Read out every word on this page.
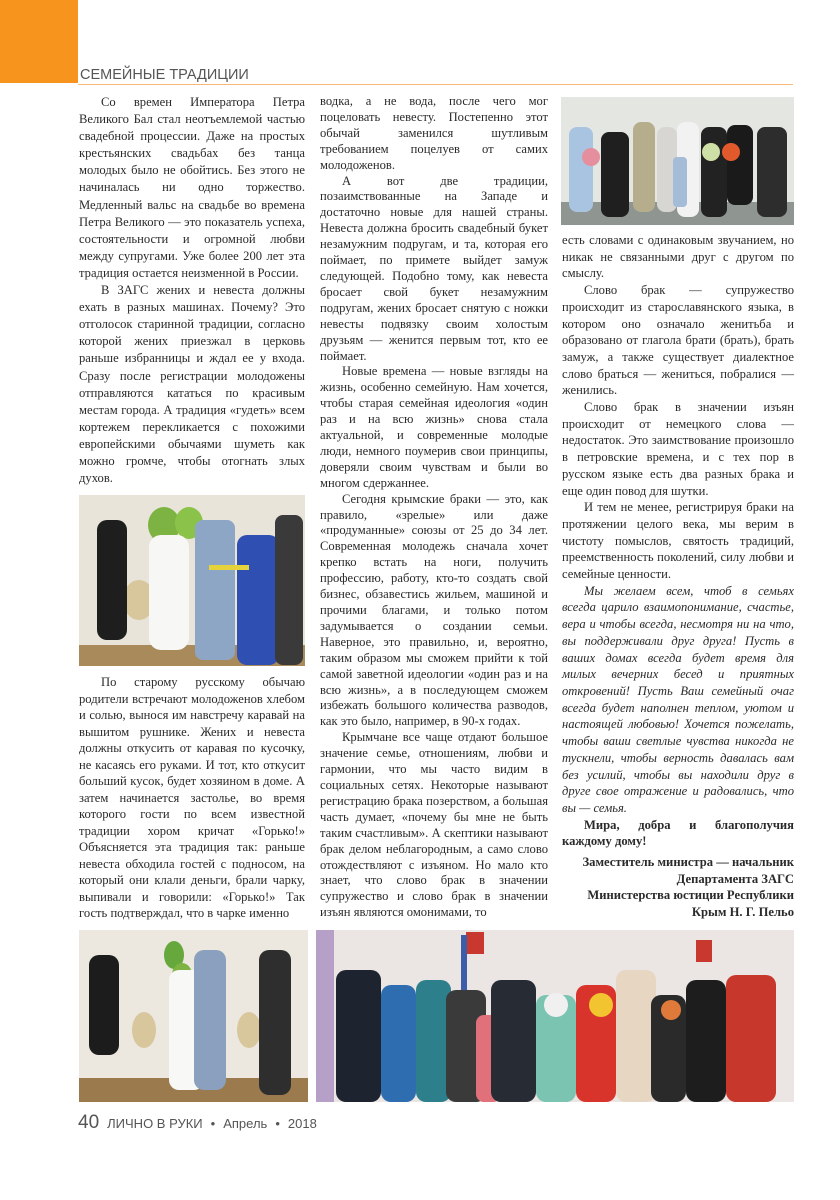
СЕМЕЙНЫЕ ТРАДИЦИИ

Со времен Императора Петра Великого Бал стал неотъемлемой частью свадебной процессии. Даже на простых крестьянских свадьбах без танца молодых было не обойтись. Без этого не начиналась ни одно торжество. Медленный вальс на свадьбе во времена Петра Великого — это показатель успеха, состоятельности и огромной любви между супругами. Уже более 200 лет эта традиция остается неизменной в России.

В ЗАГС жених и невеста должны ехать в разных машинах. Почему? Это отголосок старинной традиции, согласно которой жених приезжал в церковь раньше избранницы и ждал ее у входа. Сразу после регистрации молодожены отправляются кататься по красивым местам города. А традиция «гудеть» всем кортежем перекликается с похожими европейскими обычаями шуметь как можно громче, чтобы отогнать злых духов.

По старому русскому обычаю родители встречают молодоженов хлебом и солью, вынося им навстречу каравай на вышитом рушнике. Жених и невеста должны откусить от каравая по кусочку, не касаясь его руками. И тот, кто откусит больший кусок, будет хозяином в доме. А затем начинается застолье, во время которого гости по всем известной традиции хором кричат «Горько!» Объясняется эта традиция так: раньше невеста обходила гостей с подносом, на который они клали деньги, брали чарку, выпивали и говорили: «Горько!» Так гость подтверждал, что в чарке именно

водка, а не вода, после чего мог поцеловать невесту. Постепенно этот обычай заменился шутливым требованием поцелуев от самих молодоженов.

А вот две традиции, позаимствованные на Западе и достаточно новые для нашей страны. Невеста должна бросить свадебный букет незамужним подругам, и та, которая его поймает, по примете выйдет замуж следующей. Подобно тому, как невеста бросает свой букет незамужним подругам, жених бросает снятую с ножки невесты подвязку своим холостым друзьям — женится первым тот, кто ее поймает.

Новые времена — новые взгляды на жизнь, особенно семейную. Нам хочется, чтобы старая семейная идеология «один раз и на всю жизнь» снова стала актуальной, и современные молодые люди, немного поумерив свои принципы, доверяли своим чувствам и были во многом сдержаннее.

Сегодня крымские браки — это, как правило, «зрелые» или даже «продуманные» союзы от 25 до 34 лет. Современная молодежь сначала хочет крепко встать на ноги, получить профессию, работу, кто-то создать свой бизнес, обзавестись жильем, машиной и прочими благами, и только потом задумывается о создании семьи. Наверное, это правильно, и, вероятно, таким образом мы сможем прийти к той самой заветной идеологии «один раз и на всю жизнь», а в последующем сможем избежать большого количества разводов, как это было, например, в 90-х годах.

Крымчане все чаще отдают большое значение семье, отношениям, любви и гармонии, что мы часто видим в социальных сетях. Некоторые называют регистрацию брака позерством, а большая часть думает, «почему бы мне не быть таким счастливым». А скептики называют брак делом неблагородным, а само слово отождествляют с изъяном. Но мало кто знает, что слово брак в значении супружество и слово брак в значении изъян являются омонимами, то

есть словами с одинаковым звучанием, но никак не связанными друг с другом по смыслу.

Слово брак — супружество происходит из старославянского языка, в котором оно означало женитьба и образовано от глагола брати (брать), брать замуж, а также существует диалектное слово браться — жениться, побралися — женились.

Слово брак в значении изъян происходит от немецкого слова — недостаток. Это заимствование произошло в петровские времена, и с тех пор в русском языке есть два разных брака и еще один повод для шутки.

И тем не менее, регистрируя браки на протяжении целого века, мы верим в чистоту помыслов, святость традиций, преемственность поколений, силу любви и семейные ценности.

Мы желаем всем, чтоб в семьях всегда царило взаимопонимание, счастье, вера и чтобы всегда, несмотря ни на что, вы поддерживали друг друга! Пусть в ваших домах всегда будет время для милых вечерних бесед и приятных откровений! Пусть Ваш семейный очаг всегда будет наполнен теплом, уютом и настоящей любовью! Хочется пожелать, чтобы ваши светлые чувства никогда не тускнели, чтобы верность давалась вам без усилий, чтобы вы находили друг в друге свое отражение и радовались, что вы — семья.

Мира, добра и благополучия каждому дому!

Заместитель министра — начальник
Департамента ЗАГС
Министерства юстиции Республики
Крым Н. Г. Пельо
40 ЛИЧНО В РУКИ • Апрель • 2018
